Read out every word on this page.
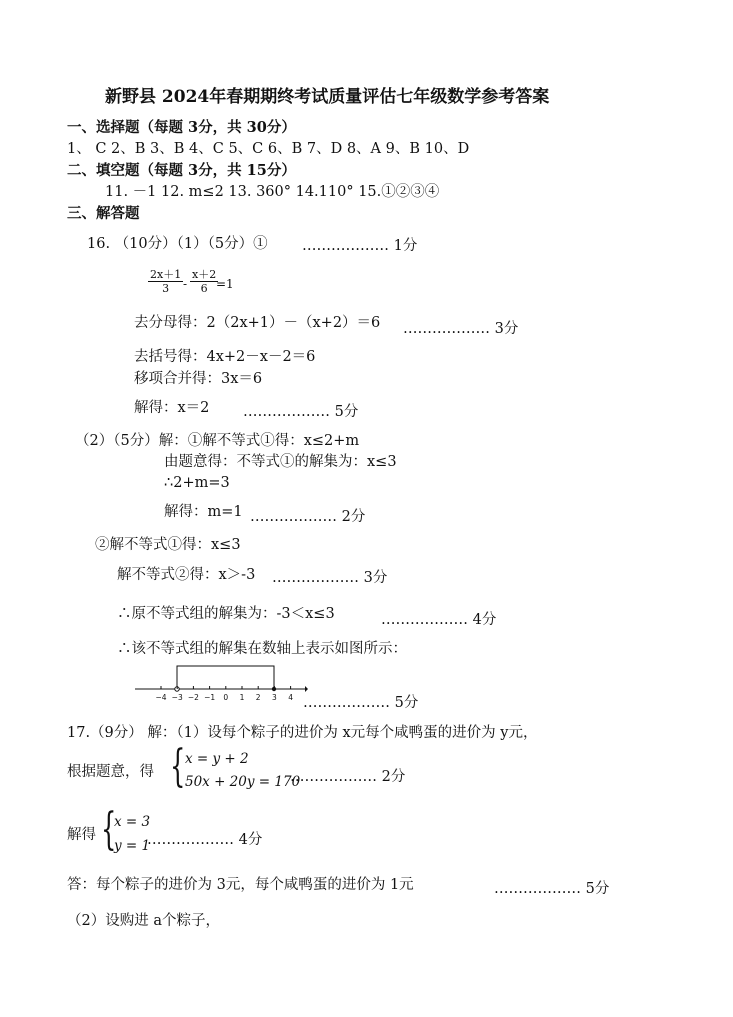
新野县 2024年春期期终考试质量评估七年级数学参考答案
一、选择题（每题 3分，共 30分）
1、 C 2、B 3、B 4、C 5、C 6、B 7、D 8、A 9、B 10、D
二、填空题（每题 3分，共 15分）
11. －1 12. m≤2 13. 360° 14.110° 15.①②③④
三、解答题
16. （10分）（1）（5分）① ……………… 1分
$\frac{2x+1}{3} - \frac{x+2}{6}$
=1
去分母得：2（2x+1）－（x+2）＝6 ……………… 3分
去括号得：4x+2－x－2＝6
移项合并得：3x＝6
解得：x＝2 ……………… 5分
（2）（5分）解：①解不等式①得：x≤2+m
由题意得：不等式①的解集为：x≤3
∴2+m=3
解得：m=1 ……………… 2分
②解不等式①得：x≤3
解不等式②得：x＞-3 ……………… 3分
∴原不等式组的解集为：-3＜x≤3	……………… 4分
∴该不等式组的解集在数轴上表示如图所示：
−4 −3 −2 −1 0 1 2 3 4 ……………… 5分
17.（9分） 解：（1）设每个粽子的进价为 x元每个咸鸭蛋的进价为 y元，
根据题意，得 { x = y + 2
50x + 20y = 170
……………… 2分
解得 {
x = 3
y = 1
……………… 4分
答：每个粽子的进价为 3元，每个咸鸭蛋的进价为 1元	……………… 5分
（2）设购进 a个粽子，
